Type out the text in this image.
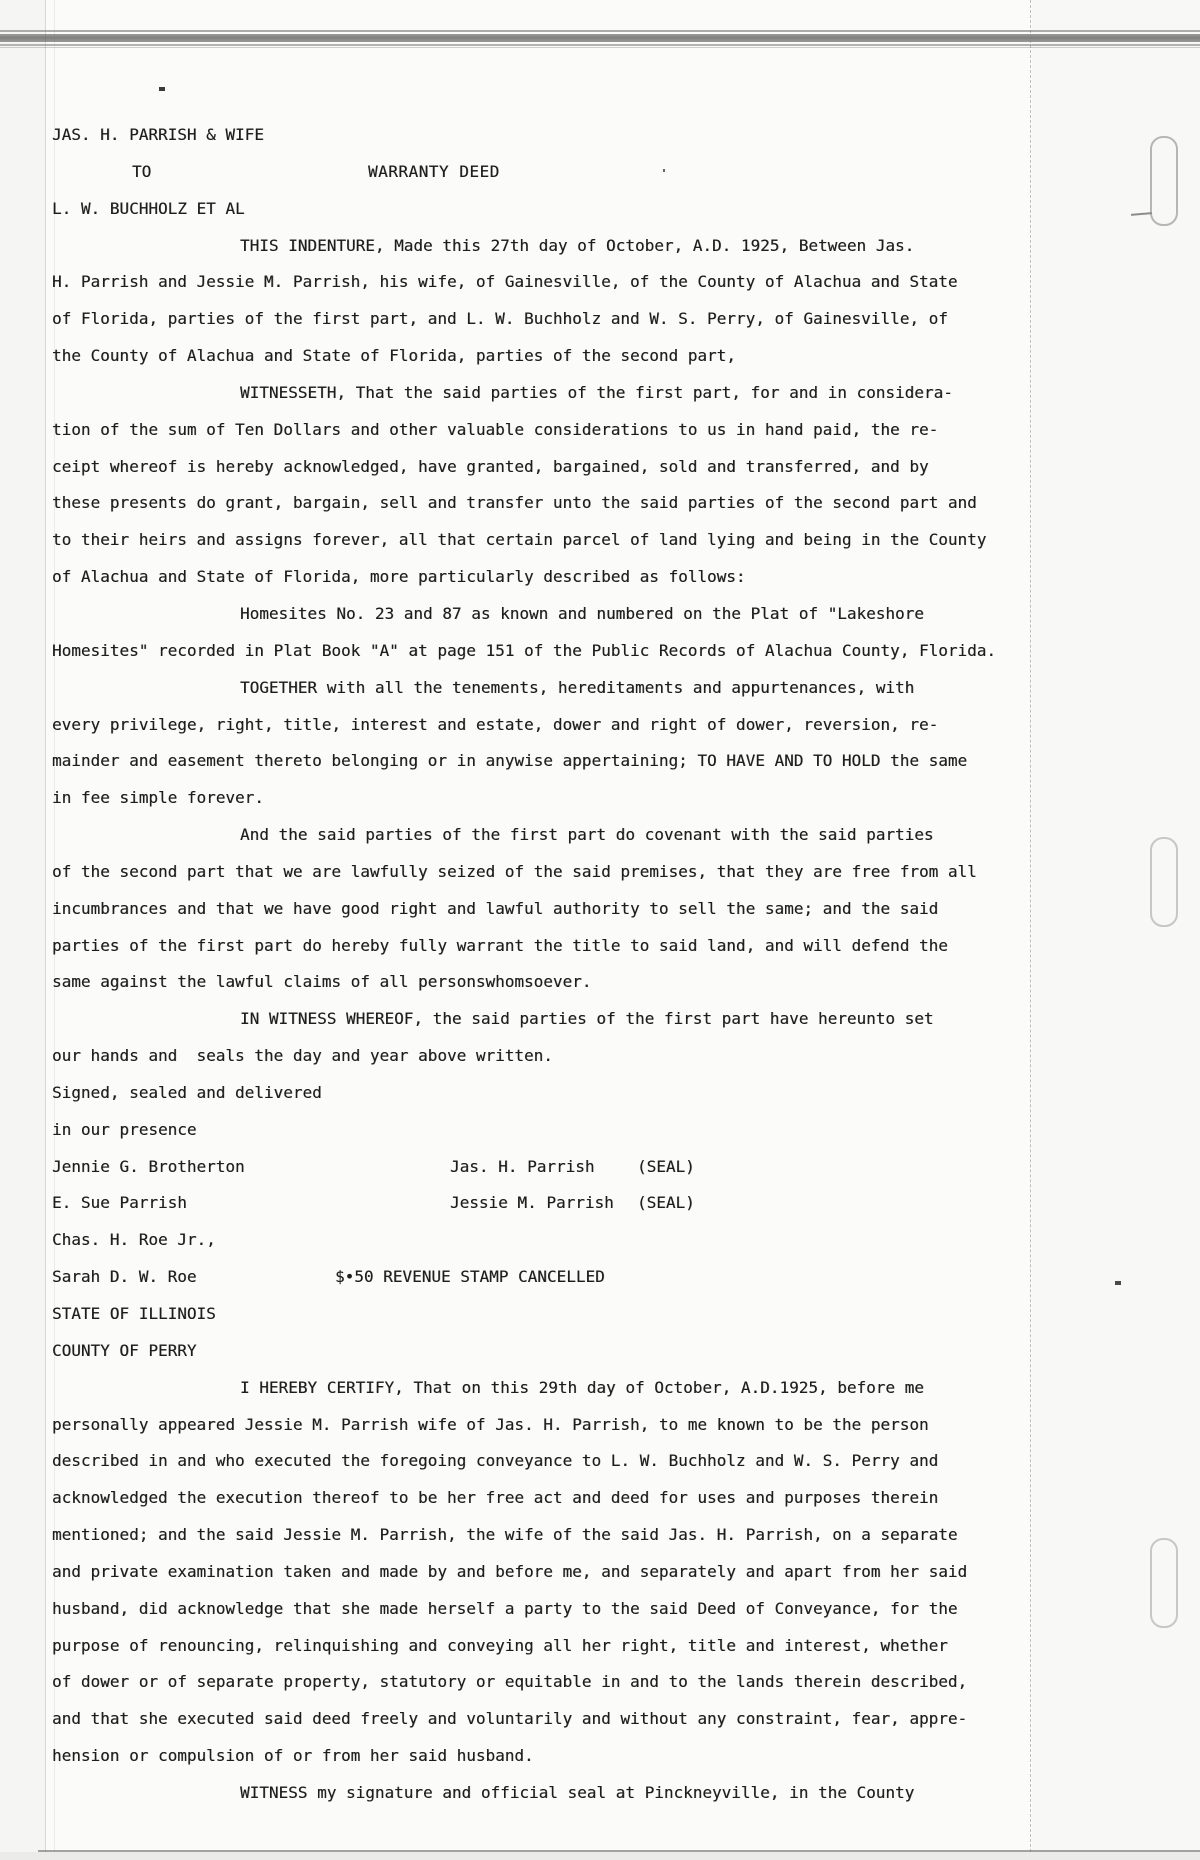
JAS. H. PARRISH & WIFE
TO	WARRANTY DEED
L. W. BUCHHOLZ ET AL
THIS INDENTURE, Made this 27th day of October, A.D. 1925, Between Jas.
H. Parrish and Jessie M. Parrish, his wife, of Gainesville, of the County of Alachua and State
of Florida, parties of the first part, and L. W. Buchholz and W. S. Perry, of Gainesville, of
the County of Alachua and State of Florida, parties of the second part,
WITNESSETH, That the said parties of the first part, for and in considera-
tion of the sum of Ten Dollars and other valuable considerations to us in hand paid, the re-
ceipt whereof is hereby acknowledged, have granted, bargained, sold and transferred, and by
these presents do grant, bargain, sell and transfer unto the said parties of the second part and
to their heirs and assigns forever, all that certain parcel of land lying and being in the County
of Alachua and State of Florida, more particularly described as follows:
Homesites No. 23 and 87 as known and numbered on the Plat of "Lakeshore
Homesites" recorded in Plat Book "A" at page 151 of the Public Records of Alachua County, Florida.
TOGETHER with all the tenements, hereditaments and appurtenances, with
every privilege, right, title, interest and estate, dower and right of dower, reversion, re-
mainder and easement thereto belonging or in anywise appertaining; TO HAVE AND TO HOLD the same
in fee simple forever.
And the said parties of the first part do covenant with the said parties
of the second part that we are lawfully seized of the said premises, that they are free from all
incumbrances and that we have good right and lawful authority to sell the same; and the said
parties of the first part do hereby fully warrant the title to said land, and will defend the
same against the lawful claims of all personswhomsoever.
IN WITNESS WHEREOF, the said parties of the first part have hereunto set
our hands and  seals the day and year above written.
Signed, sealed and delivered
in our presence
Jennie G. Brotherton	Jas. H. Parrish	(SEAL)
E. Sue Parrish	Jessie M. Parrish (SEAL)
Chas. H. Roe Jr.,
Sarah D. W. Roe	$•50 REVENUE STAMP CANCELLED
STATE OF ILLINOIS
COUNTY OF PERRY
I HEREBY CERTIFY, That on this 29th day of October, A.D.1925, before me
personally appeared Jessie M. Parrish wife of Jas. H. Parrish, to me known to be the person
described in and who executed the foregoing conveyance to L. W. Buchholz and W. S. Perry and
acknowledged the execution thereof to be her free act and deed for uses and purposes therein
mentioned; and the said Jessie M. Parrish, the wife of the said Jas. H. Parrish, on a separate
and private examination taken and made by and before me, and separately and apart from her said
husband, did acknowledge that she made herself a party to the said Deed of Conveyance, for the
purpose of renouncing, relinquishing and conveying all her right, title and interest, whether
of dower or of separate property, statutory or equitable in and to the lands therein described,
and that she executed said deed freely and voluntarily and without any constraint, fear, appre-
hension or compulsion of or from her said husband.
WITNESS my signature and official seal at Pinckneyville, in the County
